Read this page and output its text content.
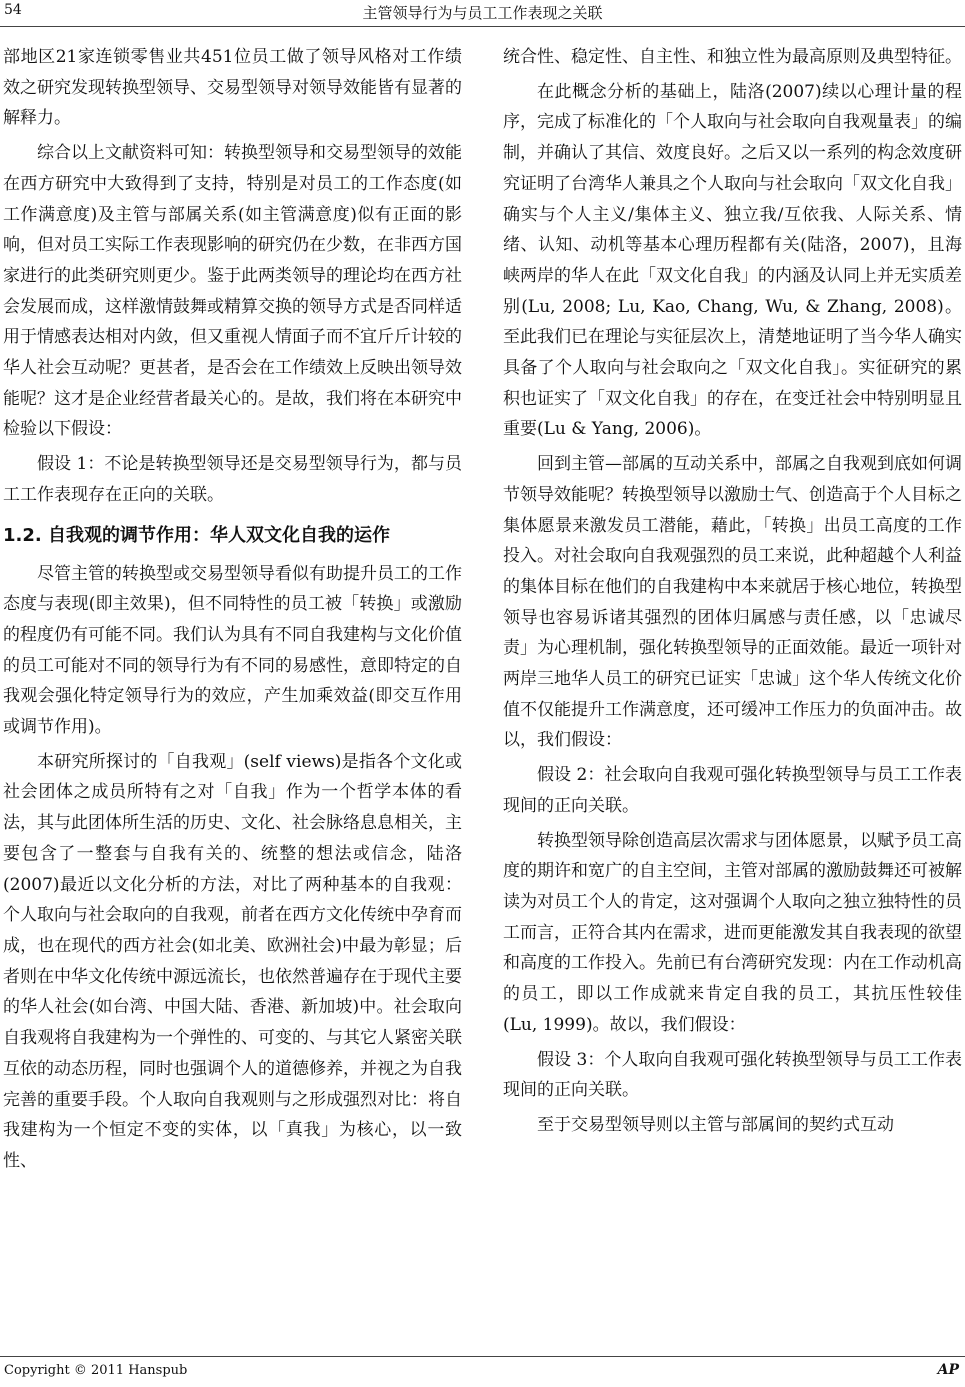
54	主管领导行为与员工工作表现之关联

部地区21家连锁零售业共451位员工做了领导风格对工作绩效之研究发现转换型领导、交易型领导对领导效能皆有显著的解释力。

综合以上文献资料可知：转换型领导和交易型领导的效能在西方研究中大致得到了支持，特别是对员工的工作态度(如工作满意度)及主管与部属关系(如主管满意度)似有正面的影响，但对员工实际工作表现影响的研究仍在少数，在非西方国家进行的此类研究则更少。鉴于此两类领导的理论均在西方社会发展而成，这样激情鼓舞或精算交换的领导方式是否同样适用于情感表达相对内敛，但又重视人情面子而不宜斤斤计较的华人社会互动呢？更甚者，是否会在工作绩效上反映出领导效能呢？这才是企业经营者最关心的。是故，我们将在本研究中检验以下假设：

假设 1：不论是转换型领导还是交易型领导行为，都与员工工作表现存在正向的关联。

1.2. 自我观的调节作用：华人双文化自我的运作

尽管主管的转换型或交易型领导看似有助提升员工的工作态度与表现(即主效果)，但不同特性的员工被「转换」或激励的程度仍有可能不同。我们认为具有不同自我建构与文化价值的员工可能对不同的领导行为有不同的易感性，意即特定的自我观会强化特定领导行为的效应，产生加乘效益(即交互作用或调节作用)。

本研究所探讨的「自我观」(self views)是指各个文化或社会团体之成员所特有之对「自我」作为一个哲学本体的看法，其与此团体所生活的历史、文化、社会脉络息息相关，主要包含了一整套与自我有关的、统整的想法或信念，陆洛(2007)最近以文化分析的方法，对比了两种基本的自我观：个人取向与社会取向的自我观，前者在西方文化传统中孕育而成，也在现代的西方社会(如北美、欧洲社会)中最为彰显；后者则在中华文化传统中源远流长，也依然普遍存在于现代主要的华人社会(如台湾、中国大陆、香港、新加坡)中。社会取向自我观将自我建构为一个弹性的、可变的、与其它人紧密关联互依的动态历程，同时也强调个人的道德修养，并视之为自我完善的重要手段。个人取向自我观则与之形成强烈对比：将自我建构为一个恒定不变的实体，以「真我」为核心，以一致性、

统合性、稳定性、自主性、和独立性为最高原则及典型特征。

在此概念分析的基础上，陆洛(2007)续以心理计量的程序，完成了标准化的「个人取向与社会取向自我观量表」的编制，并确认了其信、效度良好。之后又以一系列的构念效度研究证明了台湾华人兼具之个人取向与社会取向「双文化自我」确实与个人主义/集体主义、独立我/互依我、人际关系、情绪、认知、动机等基本心理历程都有关(陆洛，2007)，且海峡两岸的华人在此「双文化自我」的内涵及认同上并无实质差别(Lu, 2008; Lu, Kao, Chang, Wu, & Zhang, 2008)。至此我们已在理论与实征层次上，清楚地证明了当今华人确实具备了个人取向与社会取向之「双文化自我」。实征研究的累积也证实了「双文化自我」的存在，在变迁社会中特别明显且重要(Lu & Yang, 2006)。

回到主管—部属的互动关系中，部属之自我观到底如何调节领导效能呢？转换型领导以激励士气、创造高于个人目标之集体愿景来激发员工潜能，藉此，「转换」出员工高度的工作投入。对社会取向自我观强烈的员工来说，此种超越个人利益的集体目标在他们的自我建构中本来就居于核心地位，转换型领导也容易诉诸其强烈的团体归属感与责任感，以「忠诚尽责」为心理机制，强化转换型领导的正面效能。最近一项针对两岸三地华人员工的研究已证实「忠诚」这个华人传统文化价值不仅能提升工作满意度，还可缓冲工作压力的负面冲击。故以，我们假设：

假设 2：社会取向自我观可强化转换型领导与员工工作表现间的正向关联。

转换型领导除创造高层次需求与团体愿景，以赋予员工高度的期许和宽广的自主空间，主管对部属的激励鼓舞还可被解读为对员工个人的肯定，这对强调个人取向之独立独特性的员工而言，正符合其内在需求，进而更能激发其自我表现的欲望和高度的工作投入。先前已有台湾研究发现：内在工作动机高的员工，即以工作成就来肯定自我的员工，其抗压性较佳(Lu, 1999)。故以，我们假设：

假设 3：个人取向自我观可强化转换型领导与员工工作表现间的正向关联。

至于交易型领导则以主管与部属间的契约式互动

Copyright © 2011 Hanspub	AP
